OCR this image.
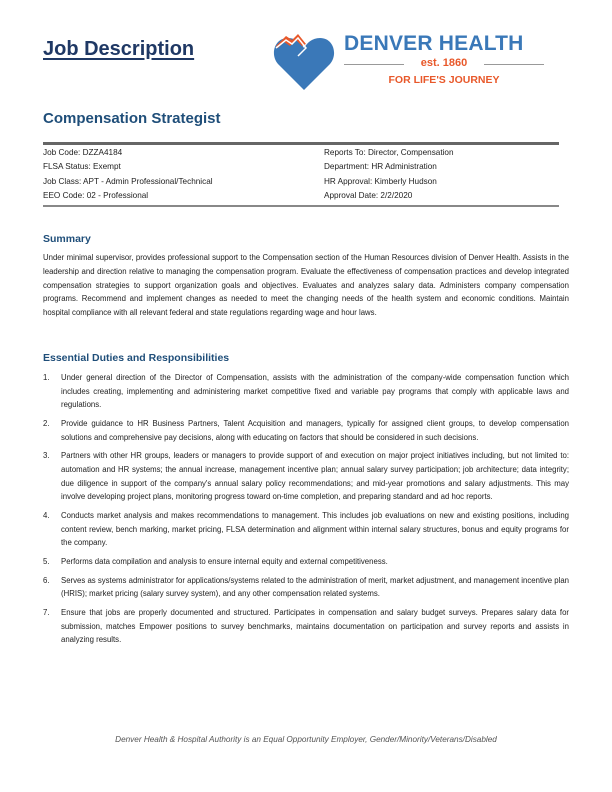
Job Description	DENVER HEALTH
est. 1860
FOR LIFE'S JOURNEY
Compensation Strategist
Job Code: DZZA4184
FLSA Status: Exempt
Job Class: APT - Admin Professional/Technical
EEO Code: 02 - Professional
Reports To: Director, Compensation
Department: HR Administration
HR Approval: Kimberly Hudson
Approval Date: 2/2/2020
Summary
Under minimal supervisor, provides professional support to the Compensation section of the Human Resources division of Denver Health. Assists in the leadership and direction relative to managing the compensation program. Evaluate the effectiveness of compensation practices and develop integrated compensation strategies to support organization goals and objectives. Evaluates and analyzes salary data. Administers company compensation programs. Recommend and implement changes as needed to meet the changing needs of the health system and economic conditions. Maintain hospital compliance with all relevant federal and state regulations regarding wage and hour laws.
Essential Duties and Responsibilities
1. Under general direction of the Director of Compensation, assists with the administration of the company-wide compensation function which includes creating, implementing and administering market competitive fixed and variable pay programs that comply with applicable laws and regulations.
2. Provide guidance to HR Business Partners, Talent Acquisition and managers, typically for assigned client groups, to develop compensation solutions and comprehensive pay decisions, along with educating on factors that should be considered in such decisions.
3. Partners with other HR groups, leaders or managers to provide support of and execution on major project initiatives including, but not limited to: automation and HR systems; the annual increase, management incentive plan; annual salary survey participation; job architecture; data integrity; due diligence in support of the company's annual salary policy recommendations; and mid-year promotions and salary adjustments. This may involve developing project plans, monitoring progress toward on-time completion, and preparing standard and ad hoc reports.
4. Conducts market analysis and makes recommendations to management. This includes job evaluations on new and existing positions, including content review, bench marking, market pricing, FLSA determination and alignment within internal salary structures, bonus and equity programs for the company.
5. Performs data compilation and analysis to ensure internal equity and external competitiveness.
6. Serves as systems administrator for applications/systems related to the administration of merit, market adjustment, and management incentive plan (HRIS); market pricing (salary survey system), and any other compensation related systems.
7. Ensure that jobs are properly documented and structured. Participates in compensation and salary budget surveys. Prepares salary data for submission, matches Empower positions to survey benchmarks, maintains documentation on participation and survey reports and assists in analyzing results.
Denver Health & Hospital Authority is an Equal Opportunity Employer, Gender/Minority/Veterans/Disabled
